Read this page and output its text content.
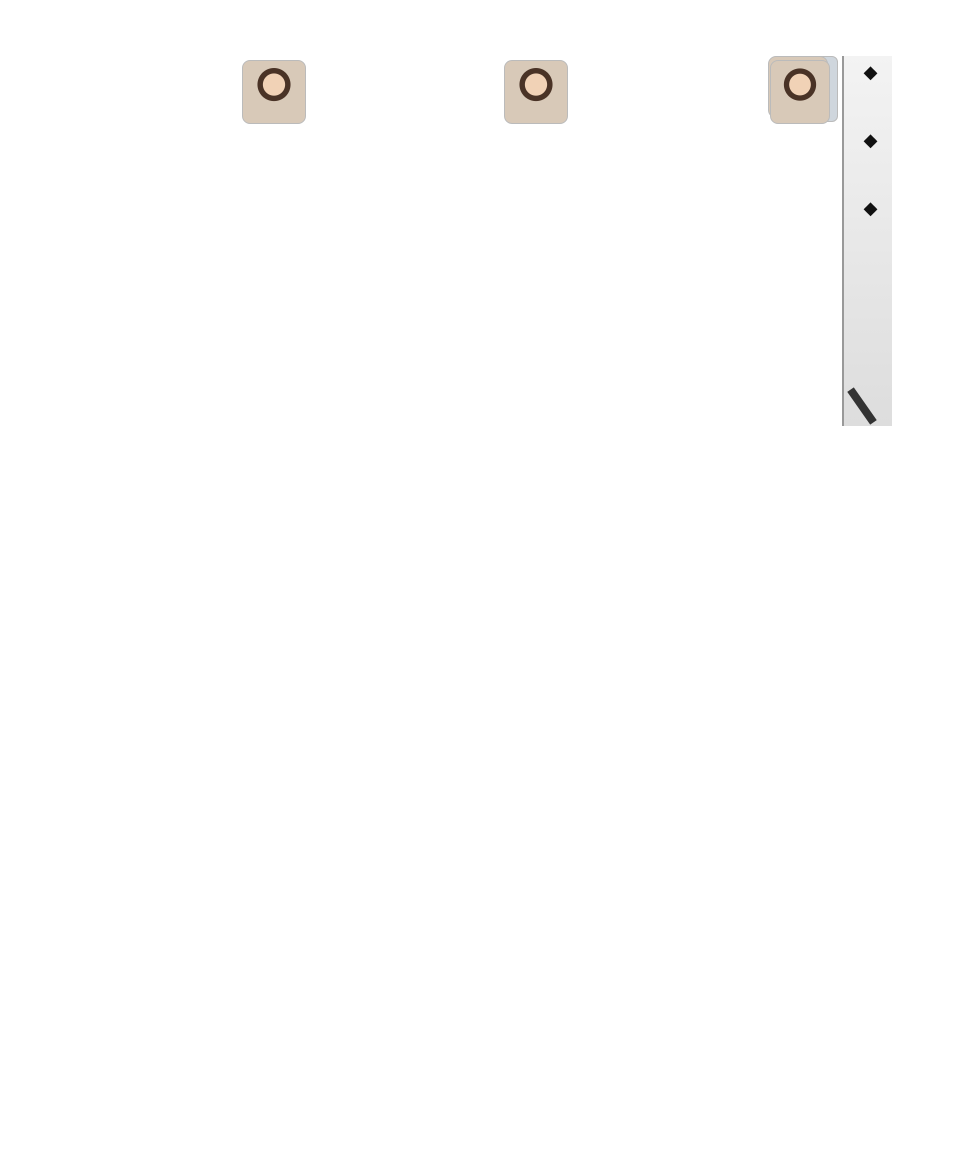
◆ ◆ ◆
